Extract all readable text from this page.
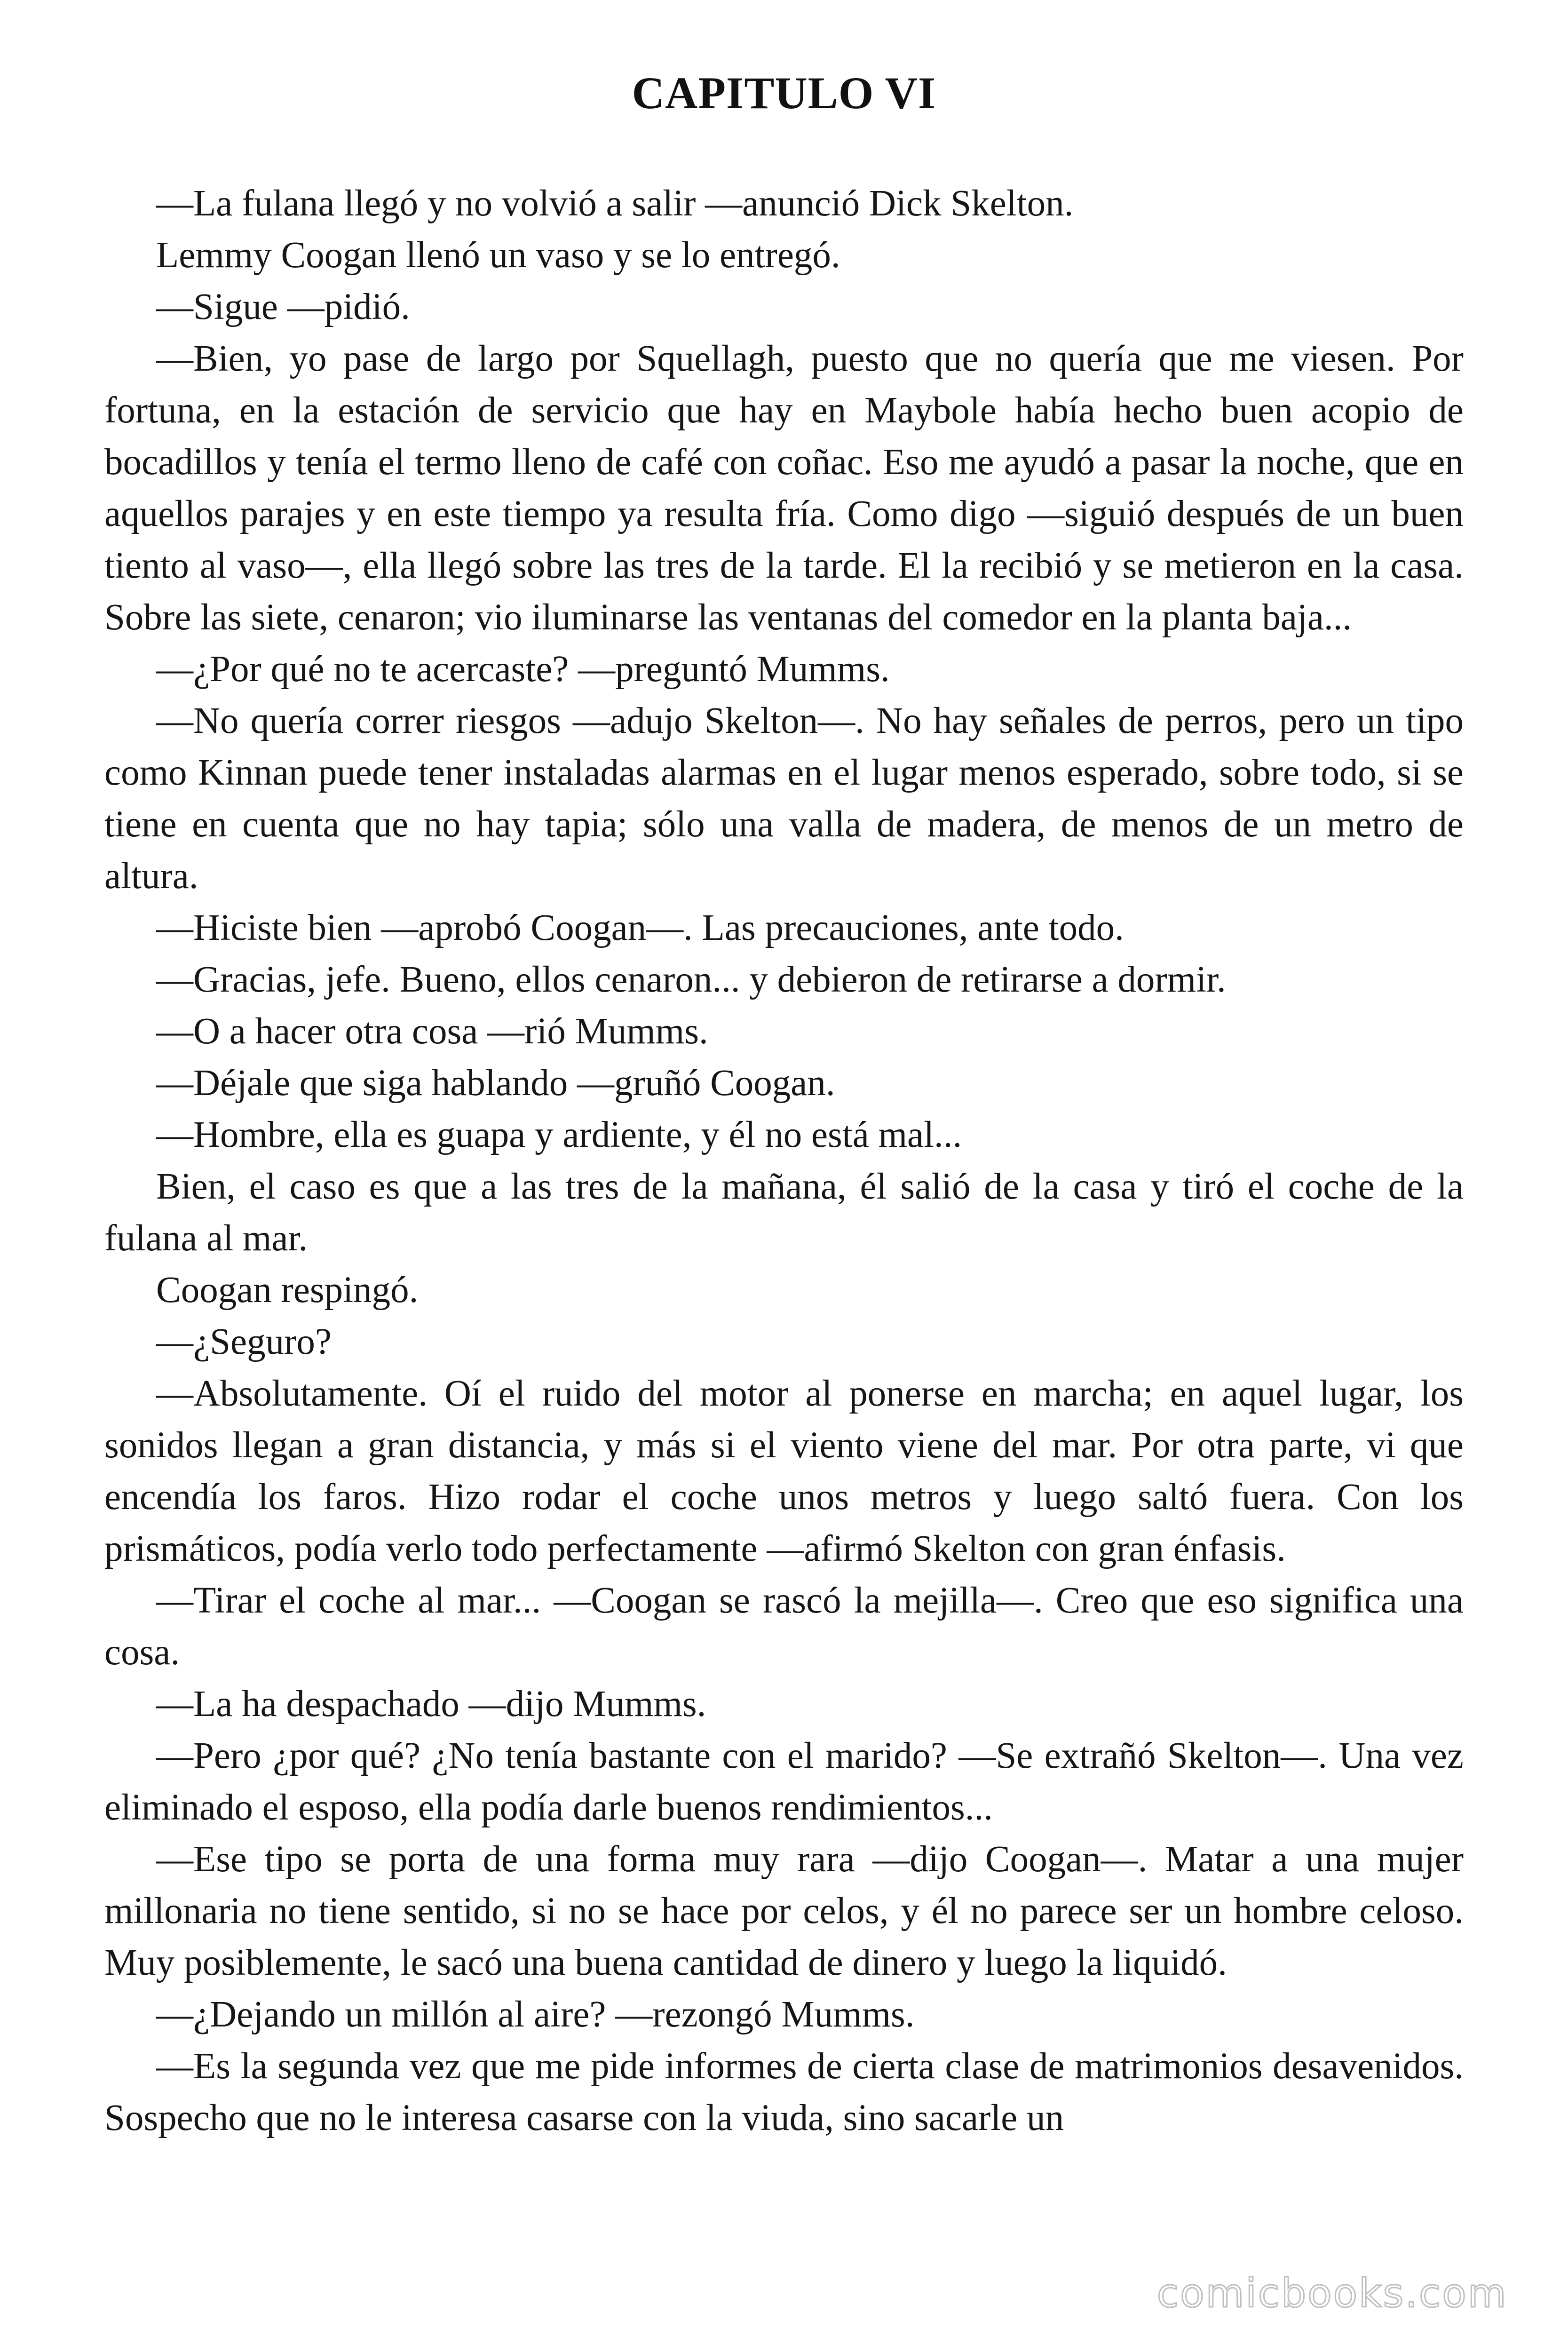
CAPITULO VI

—La fulana llegó y no volvió a salir —anunció Dick Skelton.

Lemmy Coogan llenó un vaso y se lo entregó.

—Sigue —pidió.

—Bien, yo pase de largo por Squellagh, puesto que no quería que me viesen. Por fortuna, en la estación de servicio que hay en Maybole había hecho buen acopio de bocadillos y tenía el termo lleno de café con coñac. Eso me ayudó a pasar la noche, que en aquellos parajes y en este tiempo ya resulta fría. Como digo —siguió después de un buen tiento al vaso—, ella llegó sobre las tres de la tarde. El la recibió y se metieron en la casa. Sobre las siete, cenaron; vio iluminarse las ventanas del comedor en la planta baja...

—¿Por qué no te acercaste? —preguntó Mumms.

—No quería correr riesgos —adujo Skelton—. No hay señales de perros, pero un tipo como Kinnan puede tener instaladas alarmas en el lugar menos esperado, sobre todo, si se tiene en cuenta que no hay tapia; sólo una valla de madera, de menos de un metro de altura.

—Hiciste bien —aprobó Coogan—. Las precauciones, ante todo.

—Gracias, jefe. Bueno, ellos cenaron... y debieron de retirarse a dormir.

—O a hacer otra cosa —rió Mumms.

—Déjale que siga hablando —gruñó Coogan.

—Hombre, ella es guapa y ardiente, y él no está mal...

Bien, el caso es que a las tres de la mañana, él salió de la casa y tiró el coche de la fulana al mar.

Coogan respingó.

—¿Seguro?

—Absolutamente. Oí el ruido del motor al ponerse en marcha; en aquel lugar, los sonidos llegan a gran distancia, y más si el viento viene del mar. Por otra parte, vi que encendía los faros. Hizo rodar el coche unos metros y luego saltó fuera. Con los prismáticos, podía verlo todo perfectamente —afirmó Skelton con gran énfasis.

—Tirar el coche al mar... —Coogan se rascó la mejilla—. Creo que eso significa una cosa.

—La ha despachado —dijo Mumms.

—Pero ¿por qué? ¿No tenía bastante con el marido? —Se extrañó Skelton—. Una vez eliminado el esposo, ella podía darle buenos rendimientos...

—Ese tipo se porta de una forma muy rara —dijo Coogan—. Matar a una mujer millonaria no tiene sentido, si no se hace por celos, y él no parece ser un hombre celoso. Muy posiblemente, le sacó una buena cantidad de dinero y luego la liquidó.

—¿Dejando un millón al aire? —rezongó Mumms.

—Es la segunda vez que me pide informes de cierta clase de matrimonios desavenidos. Sospecho que no le interesa casarse con la viuda, sino sacarle un

comicbooks.com
